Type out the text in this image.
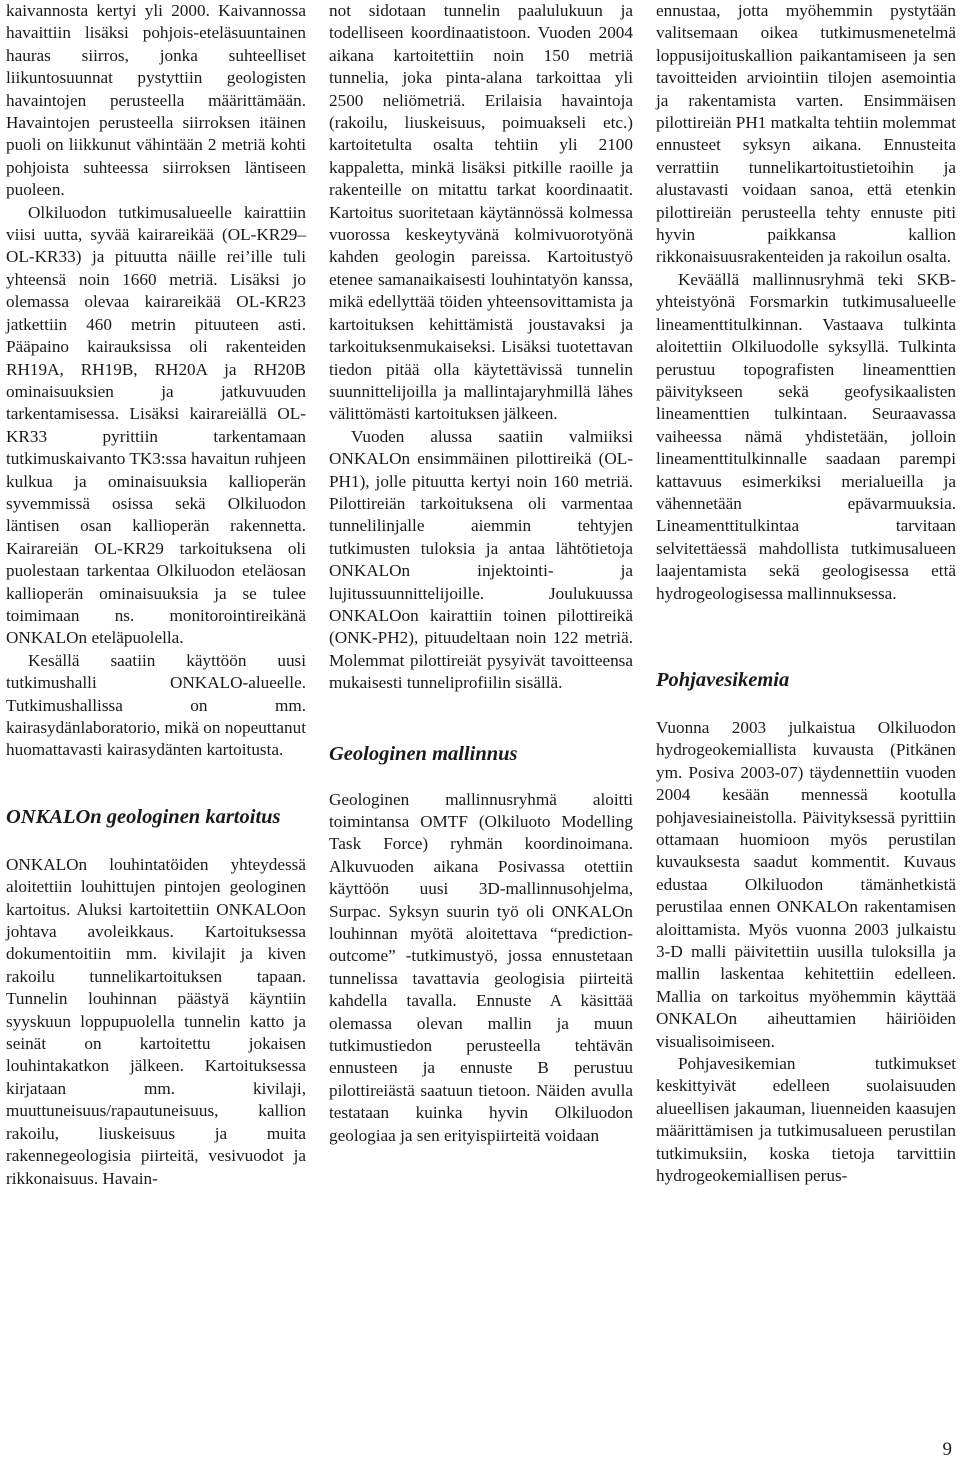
kaivannosta kertyi yli 2000. Kaivannossa havaittiin lisäksi pohjois-eteläsuuntainen hauras siirros, jonka suhteelliset liikuntosuunnat pystyttiin geologisten havaintojen perusteella määrittämään. Havaintojen perusteella siirroksen itäinen puoli on liikkunut vähintään 2 metriä kohti pohjoista suhteessa siirroksen läntiseen puoleen.

Olkiluodon tutkimusalueelle kairattiin viisi uutta, syvää kairareikää (OL-KR29–OL-KR33) ja pituutta näille rei’ille tuli yhteensä noin 1660 metriä. Lisäksi jo olemassa olevaa kairareikää OL-KR23 jatkettiin 460 metrin pituuteen asti. Pääpaino kairauksissa oli rakenteiden RH19A, RH19B, RH20A ja RH20B ominaisuuksien ja jatkuvuuden tarkentamisessa. Lisäksi kairareiällä OL-KR33 pyrittiin tarkentamaan tutkimuskaivanto TK3:ssa havaitun ruhjeen kulkua ja ominaisuuksia kallioperän syvemmissä osissa sekä Olkiluodon läntisen osan kallioperän rakennetta. Kairareiän OL-KR29 tarkoituksena oli puolestaan tarkentaa Olkiluodon eteläosan kallioperän ominaisuuksia ja se tulee toimimaan ns. monitorointireikänä ONKALOn eteläpuolella.

Kesällä saatiin käyttöön uusi tutkimushalli ONKALO-alueelle. Tutkimushallissa on mm. kairasydänlaboratorio, mikä on nopeuttanut huomattavasti kairasydänten kartoitusta.

ONKALOn geologinen kartoitus

ONKALOn louhintatöiden yhteydessä aloitettiin louhittujen pintojen geologinen kartoitus. Aluksi kartoitettiin ONKALOon johtava avoleikkaus. Kartoituksessa dokumentoitiin mm. kivilajit ja kiven rakoilu tunnelikartoituksen tapaan. Tunnelin louhinnan päästyä käyntiin syyskuun loppupuolella tunnelin katto ja seinät on kartoitettu jokaisen louhintakatkon jälkeen. Kartoituksessa kirjataan mm. kivilaji, muuttuneisuus/rapautuneisuus, kallion rakoilu, liuskeisuus ja muita rakennegeologisia piirteitä, vesivuodot ja rikkonaisuus. Havain-

not sidotaan tunnelin paalulukuun ja todelliseen koordinaatistoon. Vuoden 2004 aikana kartoitettiin noin 150 metriä tunnelia, joka pinta-alana tarkoittaa yli 2500 neliömetriä. Erilaisia havaintoja (rakoilu, liuskeisuus, poimuakseli etc.) kartoitetulta osalta tehtiin yli 2100 kappaletta, minkä lisäksi pitkille raoille ja rakenteille on mitattu tarkat koordinaatit. Kartoitus suoritetaan käytännössä kolmessa vuorossa keskeytyvänä kolmivuorotyönä kahden geologin pareissa. Kartoitustyö etenee samanaikaisesti louhintatyön kanssa, mikä edellyttää töiden yhteensovittamista ja kartoituksen kehittämistä joustavaksi ja tarkoituksenmukaiseksi. Lisäksi tuotettavan tiedon pitää olla käytettävissä tunnelin suunnittelijoilla ja mallintajaryhmillä lähes välittömästi kartoituksen jälkeen.

Vuoden alussa saatiin valmiiksi ONKALOn ensimmäinen pilottireikä (OL-PH1), jolle pituutta kertyi noin 160 metriä. Pilottireiän tarkoituksena oli varmentaa tunnelilinjalle aiemmin tehtyjen tutkimusten tuloksia ja antaa lähtötietoja ONKALOn injektointi- ja lujitussuunnittelijoille. Joulukuussa ONKALOon kairattiin toinen pilottireikä (ONK-PH2), pituudeltaan noin 122 metriä. Molemmat pilottireiät pysyivät tavoitteensa mukaisesti tunneliprofiilin sisällä.

Geologinen mallinnus

Geologinen mallinnusryhmä aloitti toimintansa OMTF (Olkiluoto Modelling Task Force) ryhmän koordinoimana. Alkuvuoden aikana Posivassa otettiin käyttöön uusi 3D-mallinnusohjelma, Surpac. Syksyn suurin työ oli ONKALOn louhinnan myötä aloitettava “prediction-outcome” -tutkimustyö, jossa ennustetaan tunnelissa tavattavia geologisia piirteitä kahdella tavalla. Ennuste A käsittää olemassa olevan mallin ja muun tutkimustiedon perusteella tehtävän ennusteen ja ennuste B perustuu pilottireiästä saatuun tietoon. Näiden avulla testataan kuinka hyvin Olkiluodon geologiaa ja sen erityispiirteitä voidaan

ennustaa, jotta myöhemmin pystytään valitsemaan oikea tutkimusmenetelmä loppusijoituskallion paikantamiseen ja sen tavoitteiden arviointiin tilojen asemointia ja rakentamista varten. Ensimmäisen pilottireiän PH1 matkalta tehtiin molemmat ennusteet syksyn aikana. Ennusteita verrattiin tunnelikartoitustietoihin ja alustavasti voidaan sanoa, että etenkin pilottireiän perusteella tehty ennuste piti hyvin paikkansa kallion rikkonaisuusrakenteiden ja rakoilun osalta.

Keväällä mallinnusryhmä teki SKB-yhteistyönä Forsmarkin tutkimusalueelle lineamenttitulkinnan. Vastaava tulkinta aloitettiin Olkiluodolle syksyllä. Tulkinta perustuu topografisten lineamenttien päivitykseen sekä geofysikaalisten lineamenttien tulkintaan. Seuraavassa vaiheessa nämä yhdistetään, jolloin lineamenttitulkinnalle saadaan parempi kattavuus esimerkiksi merialueilla ja vähennetään epävarmuuksia. Lineamenttitulkintaa tarvitaan selvitettäessä mahdollista tutkimusalueen laajentamista sekä geologisessa että hydrogeologisessa mallinnuksessa.

Pohjavesikemia

Vuonna 2003 julkaistua Olkiluodon hydrogeokemiallista kuvausta (Pitkänen ym. Posiva 2003-07) täydennettiin vuoden 2004 kesään mennessä kootulla pohjavesiaineistolla. Päivityksessä pyrittiin ottamaan huomioon myös perustilan kuvauksesta saadut kommentit. Kuvaus edustaa Olkiluodon tämänhetkistä perustilaa ennen ONKALOn rakentamisen aloittamista. Myös vuonna 2003 julkaistu 3-D malli päivitettiin uusilla tuloksilla ja mallin laskentaa kehitettiin edelleen. Mallia on tarkoitus myöhemmin käyttää ONKALOn aiheuttamien häiriöiden visualisoimiseen.

Pohjavesikemian tutkimukset keskittyivät edelleen suolaisuuden alueellisen jakauman, liuenneiden kaasujen määrittämisen ja tutkimusalueen perustilan tutkimuksiin, koska tietoja tarvittiin hydrogeokemiallisen perus-

9
